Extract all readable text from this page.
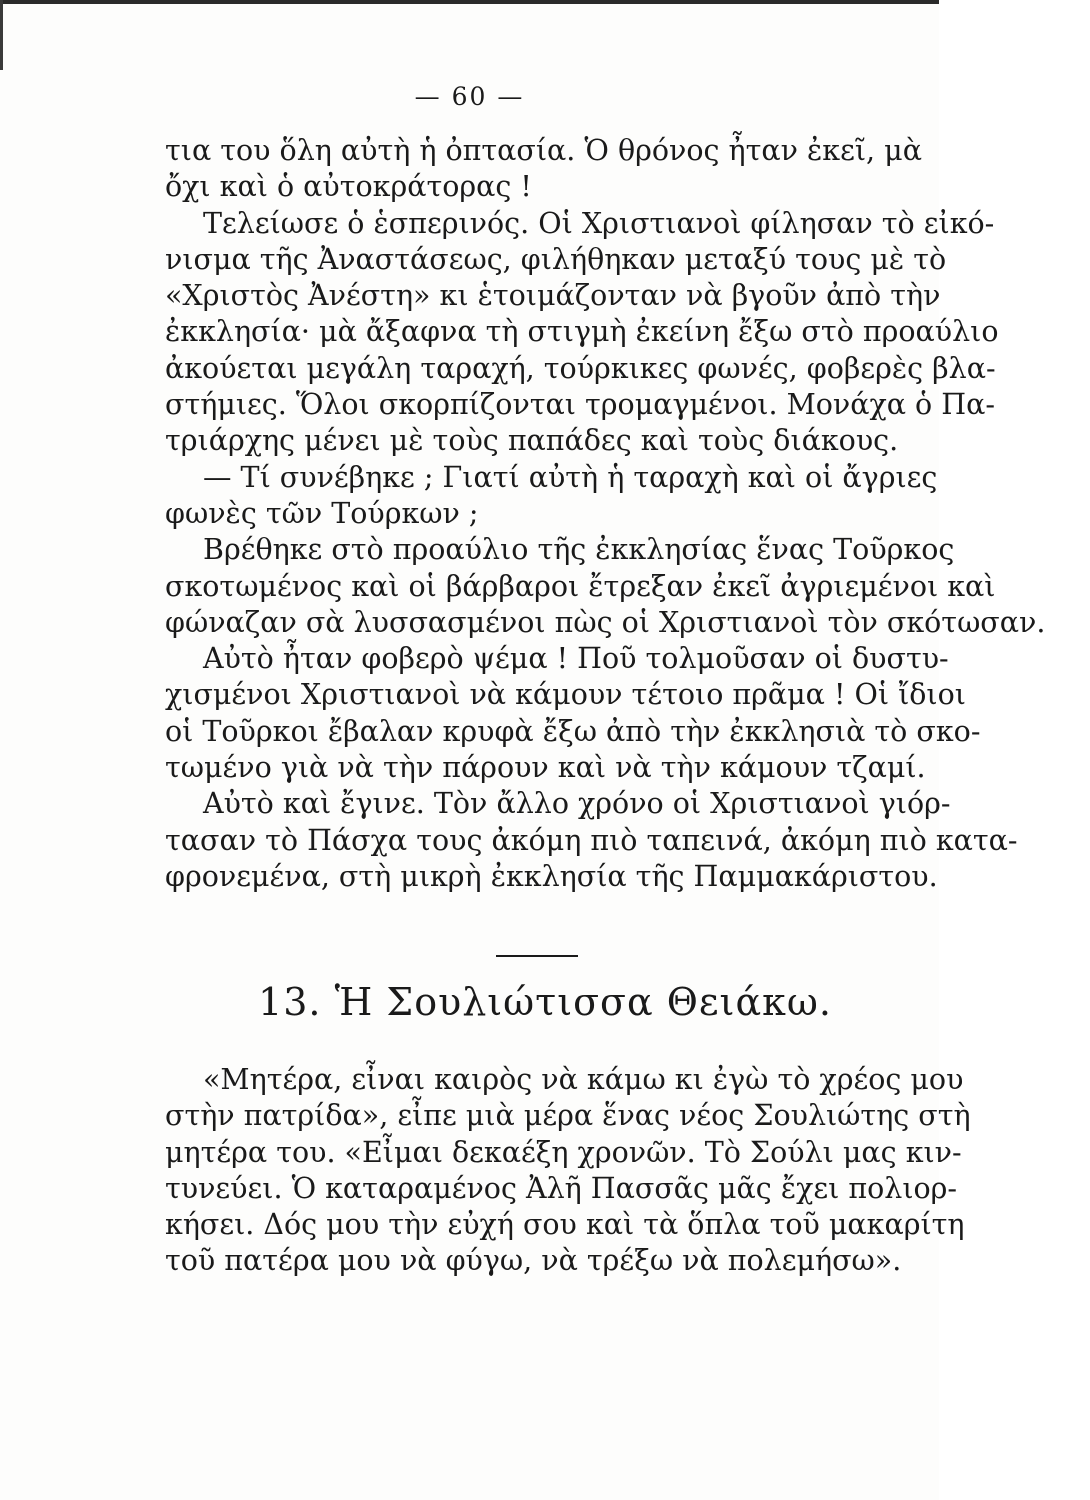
— 60 —
τια του ὅλη αὐτὴ ἡ ὀπτασία. Ὁ θρόνος ἦταν ἐκεῖ, μὰ
ὄχι καὶ ὁ αὐτοκράτορας !
Τελείωσε ὁ ἑσπερινός. Οἱ Χριστιανοὶ φίλησαν τὸ εἰκό-
νισμα τῆς Ἀναστάσεως, φιλήθηκαν μεταξύ τους μὲ τὸ
«Χριστὸς Ἀνέστη» κι ἑτοιμάζονταν νὰ βγοῦν ἀπὸ τὴν
ἐκκλησία· μὰ ἄξαφνα τὴ στιγμὴ ἐκείνη ἔξω στὸ προαύλιο
ἀκούεται μεγάλη ταραχή, τούρκικες φωνές, φοβερὲς βλα-
στήμιες. Ὅλοι σκορπίζονται τρομαγμένοι. Μονάχα ὁ Πα-
τριάρχης μένει μὲ τοὺς παπάδες καὶ τοὺς διάκους.
— Τί συνέβηκε ; Γιατί αὐτὴ ἡ ταραχὴ καὶ οἱ ἄγριες
φωνὲς τῶν Τούρκων ;
Βρέθηκε στὸ προαύλιο τῆς ἐκκλησίας ἕνας Τοῦρκος
σκοτωμένος καὶ οἱ βάρβαροι ἔτρεξαν ἐκεῖ ἀγριεμένοι καὶ
φώναζαν σὰ λυσσασμένοι πὼς οἱ Χριστιανοὶ τὸν σκότωσαν.
Αὐτὸ ἦταν φοβερὸ ψέμα ! Ποῦ τολμοῦσαν οἱ δυστυ-
χισμένοι Χριστιανοὶ νὰ κάμουν τέτοιο πρᾶμα ! Οἱ ἴδιοι
οἱ Τοῦρκοι ἔβαλαν κρυφὰ ἔξω ἀπὸ τὴν ἐκκλησιὰ τὸ σκο-
τωμένο γιὰ νὰ τὴν πάρουν καὶ νὰ τὴν κάμουν τζαμί.
Αὐτὸ καὶ ἔγινε. Τὸν ἄλλο χρόνο οἱ Χριστιανοὶ γιόρ-
τασαν τὸ Πάσχα τους ἀκόμη πιὸ ταπεινά, ἀκόμη πιὸ κατα-
φρονεμένα, στὴ μικρὴ ἐκκλησία τῆς Παμμακάριστου.
13. Ἡ Σουλιώτισσα Θειάκω.
«Μητέρα, εἶναι καιρὸς νὰ κάμω κι ἐγὼ τὸ χρέος μου
στὴν πατρίδα», εἶπε μιὰ μέρα ἕνας νέος Σουλιώτης στὴ
μητέρα του. «Εἶμαι δεκαέξη χρονῶν. Τὸ Σούλι μας κιν-
τυνεύει. Ὁ καταραμένος Ἀλῆ Πασσᾶς μᾶς ἔχει πολιορ-
κήσει. Δός μου τὴν εὐχή σου καὶ τὰ ὅπλα τοῦ μακαρίτη
τοῦ πατέρα μου νὰ φύγω, νὰ τρέξω νὰ πολεμήσω».
